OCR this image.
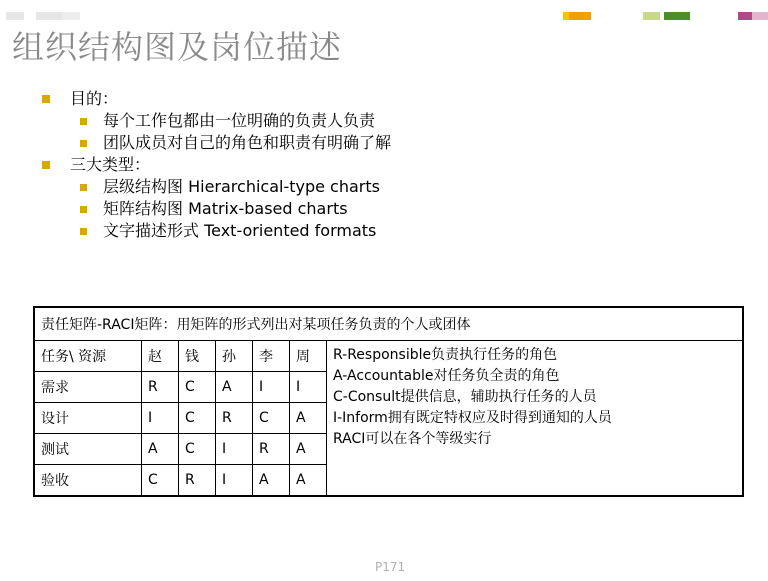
组织结构图及岗位描述
目的：
每个工作包都由一位明确的负责人负责
团队成员对自己的角色和职责有明确了解
三大类型：
层级结构图 Hierarchical-type charts
矩阵结构图 Matrix-based charts
文字描述形式 Text-oriented formats
责任矩阵-RACI矩阵：用矩阵的形式列出对某项任务负责的个人或团体						
任务\ 资源	赵	钱	孙	李	周	R-Responsible负责执行任务的角色
A-Accountable对任务负全责的角色
C-Consult提供信息，辅助执行任务的人员
I-Inform拥有既定特权应及时得到通知的人员
RACI可以在各个等级实行

需求	R	C	A	I	I	
设计	I	C	R	C	A	
测试	A	C	I	R	A	
验收	C	R	I	A	A	
P171
